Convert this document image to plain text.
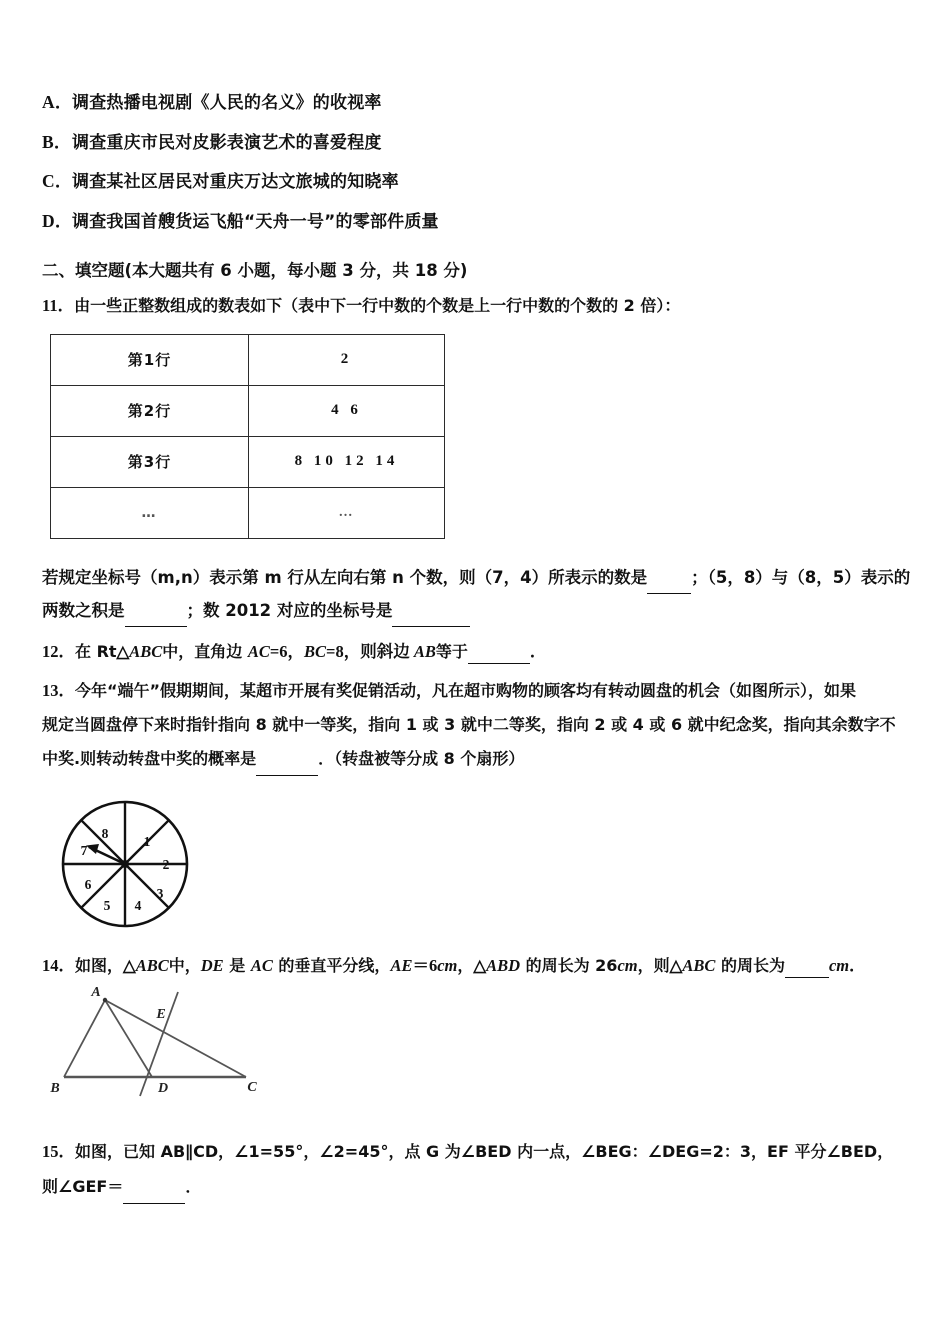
A． 调查热播电视剧《人民的名义》的收视率
B． 调查重庆市民对皮影表演艺术的喜爱程度
C． 调查某社区居民对重庆万达文旅城的知晓率
D． 调查我国首艘货运飞船“天舟一号”的零部件质量
二、填空题(本大题共有 6 小题，每小题 3 分，共 18 分)
11．由一些正整数组成的数表如下（表中下一行中数的个数是上一行中数的个数的 2 倍）：
第1行	2
第2行	4 6
第3行	8 10 12 14
…	…
若规定坐标号（m,n）表示第 m 行从左向右第 n 个数，则（7，4）所表示的数是	；（5，8）与（8，5）表示的
两数之积是	；数 2012 对应的坐标号是
12．在 Rt△ABC中，直角边 AC=6，BC=8，则斜边 AB等于	．
13．今年“端午”假期期间，某超市开展有奖促销活动，凡在超市购物的顾客均有转动圆盘的机会（如图所示），如果
规定当圆盘停下来时指针指向 8 就中一等奖，指向 1 或 3 就中二等奖，指向 2 或 4 或 6 就中纪念奖，指向其余数字不
中奖.则转动转盘中奖的概率是	．（转盘被等分成 8 个扇形）
1
2
3
4
5
6
7
8
14．如图，△ABC中，DE 是 AC 的垂直平分线，AE＝6cm，△ABD 的周长为 26cm，则△ABC 的周长为	cm．
A
B	C
D
E
15．如图，已知 AB∥CD，∠1=55°，∠2=45°，点 G 为∠BED 内一点，∠BEG：∠DEG=2：3，EF 平分∠BED，
则∠GEF＝	．
